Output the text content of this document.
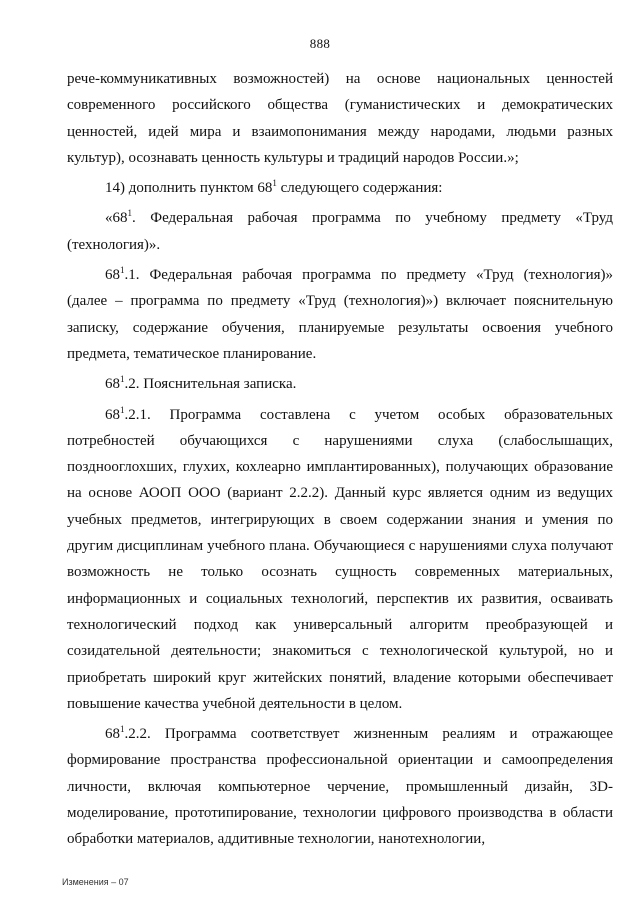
888

рече-коммуникативных возможностей) на основе национальных ценностей современного российского общества (гуманистических и демократических ценностей, идей мира и взаимопонимания между народами, людьми разных культур), осознавать ценность культуры и традиций народов России.»;

14) дополнить пунктом $68^1$ следующего содержания:

«$68^1$. Федеральная рабочая программа по учебному предмету «Труд (технология)».

$68^1.1$. Федеральная рабочая программа по предмету «Труд (технология)» (далее – программа по предмету «Труд (технология)») включает пояснительную записку, содержание обучения, планируемые результаты освоения учебного предмета, тематическое планирование.

$68^1.2$. Пояснительная записка.

$68^1.2.1$. Программа составлена с учетом особых образовательных потребностей обучающихся с нарушениями слуха (слабослышащих, позднооглохших, глухих, кохлеарно имплантированных), получающих образование на основе АООП ООО (вариант 2.2.2). Данный курс является одним из ведущих учебных предметов, интегрирующих в своем содержании знания и умения по другим дисциплинам учебного плана. Обучающиеся с нарушениями слуха получают возможность не только осознать сущность современных материальных, информационных и социальных технологий, перспектив их развития, осваивать технологический подход как универсальный алгоритм преобразующей и созидательной деятельности; знакомиться с технологической культурой, но и приобретать широкий круг житейских понятий, владение которыми обеспечивает повышение качества учебной деятельности в целом.

$68^1.2.2$. Программа соответствует жизненным реалиям и отражающее формирование пространства профессиональной ориентации и самоопределения личности, включая компьютерное черчение, промышленный дизайн, 3D-моделирование, прототипирование, технологии цифрового производства в области обработки материалов, аддитивные технологии, нанотехнологии,

Изменения – 07
